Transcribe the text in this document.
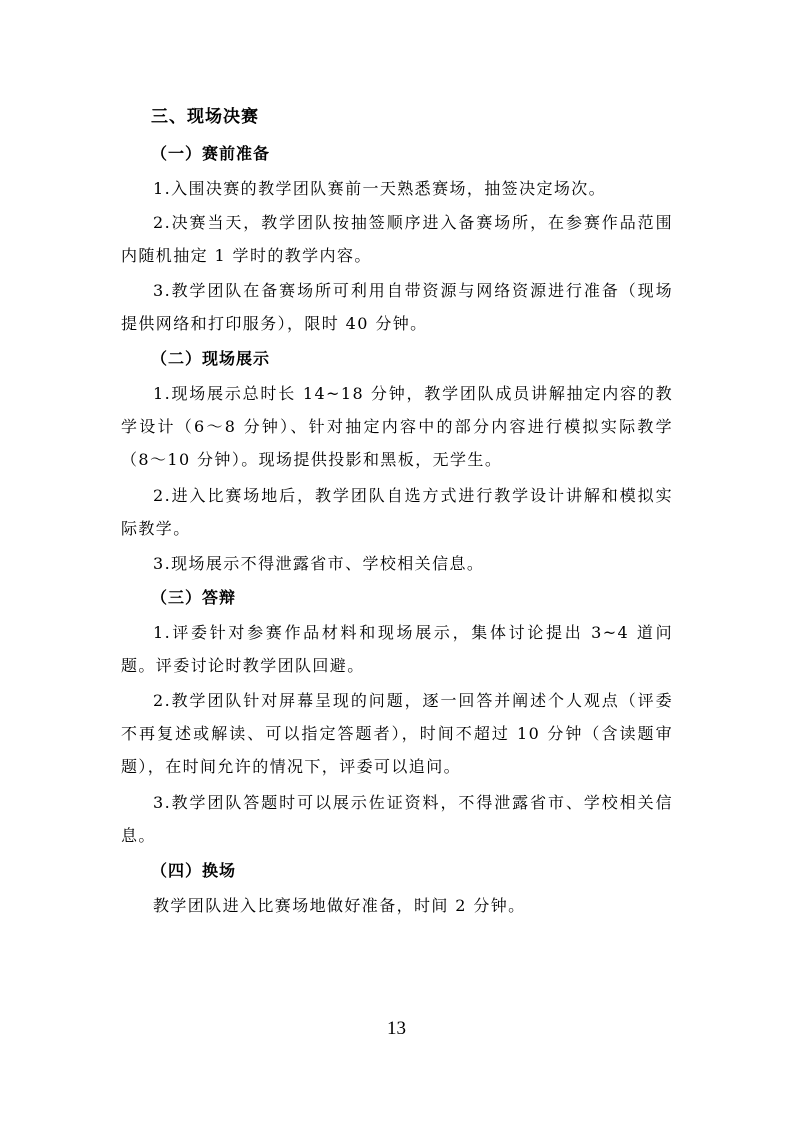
三、现场决赛
（一）赛前准备

1.入围决赛的教学团队赛前一天熟悉赛场，抽签决定场次。

2.决赛当天，教学团队按抽签顺序进入备赛场所，在参赛作品范围内随机抽定 1 学时的教学内容。

3.教学团队在备赛场所可利用自带资源与网络资源进行准备（现场提供网络和打印服务），限时 40 分钟。

（二）现场展示

1.现场展示总时长 14~18 分钟，教学团队成员讲解抽定内容的教学设计（6～8 分钟）、针对抽定内容中的部分内容进行模拟实际教学（8～10 分钟）。现场提供投影和黑板，无学生。

2.进入比赛场地后，教学团队自选方式进行教学设计讲解和模拟实际教学。

3.现场展示不得泄露省市、学校相关信息。

（三）答辩

1.评委针对参赛作品材料和现场展示，集体讨论提出 3~4 道问题。评委讨论时教学团队回避。

2.教学团队针对屏幕呈现的问题，逐一回答并阐述个人观点（评委不再复述或解读、可以指定答题者），时间不超过 10 分钟（含读题审题），在时间允许的情况下，评委可以追问。

3.教学团队答题时可以展示佐证资料，不得泄露省市、学校相关信息。

（四）换场

教学团队进入比赛场地做好准备，时间 2 分钟。

13
